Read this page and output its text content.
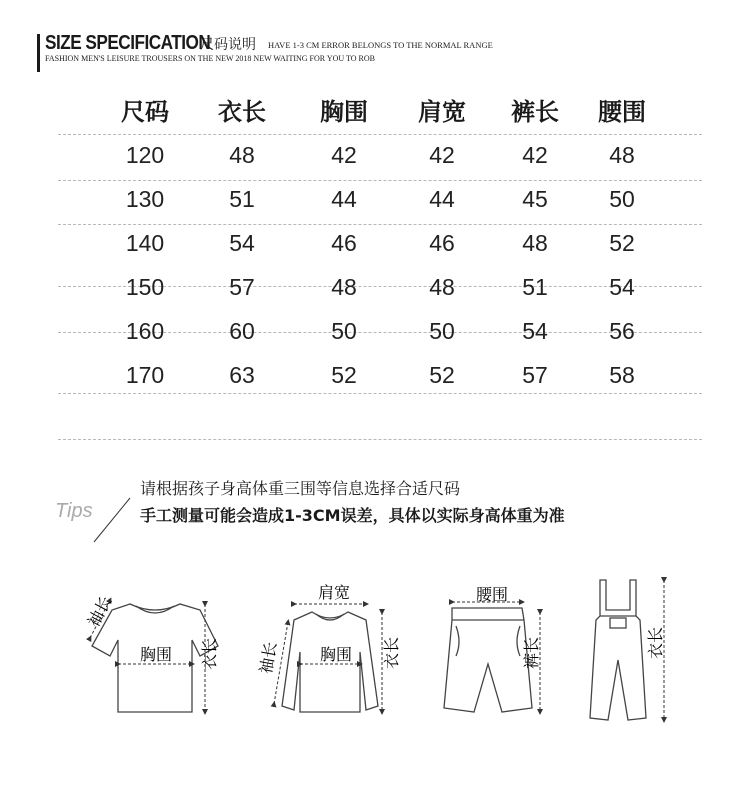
SIZE SPECIFICATION
尺码说明 HAVE 1-3 CM ERROR BELONGS TO THE NORMAL RANGE
FASHION MEN'S LEISURE TROUSERS ON THE NEW 2018 NEW WAITING FOR YOU TO ROB
尺码 衣长 胸围 肩宽 裤长 腰围
120	48	42	42	42	48
130	51	44	44	45	50
140	54	46	46	48	52
150	57	48	48	51	54
160	60	50	50	54	56
170	63	52	52	57	58
Tips
请根据孩子身高体重三围等信息选择合适尺码
手工测量可能会造成1-3CM误差，具体以实际身高体重为准
胸围 衣长
袖长
肩宽
胸围 衣长
袖长
腰围
裤长	衣长
